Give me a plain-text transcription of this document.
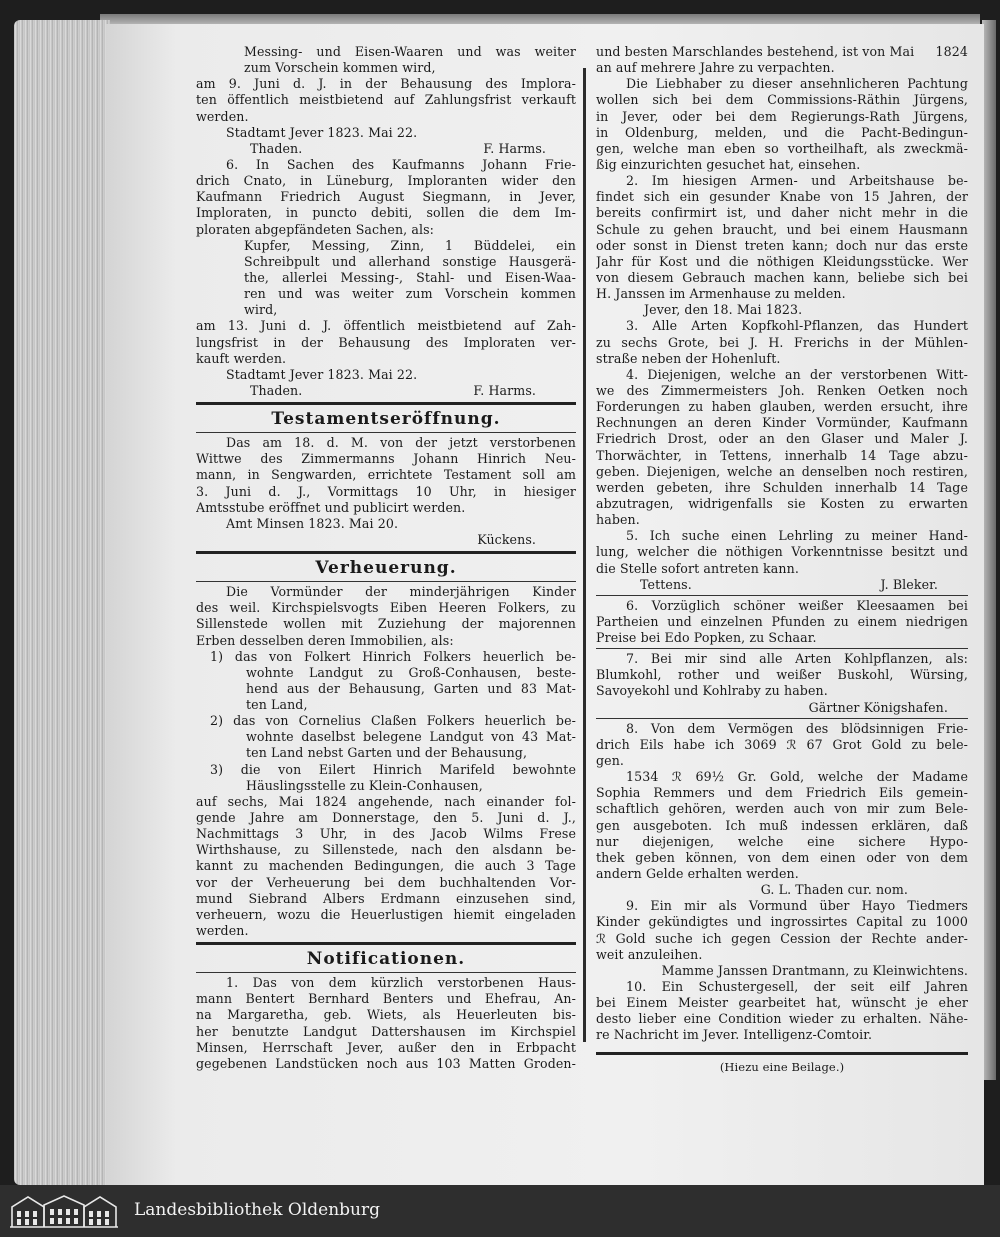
Messing- und Eisen-Waaren und was weiter
zum Vorschein kommen wird,
am 9. Juni d. J. in der Behausung des Implora-
ten öffentlich meistbietend auf Zahlungsfrist verkauft
werden.
Stadtamt Jever 1823. Mai 22.
Thaden.	F. Harms.
6. In Sachen des Kaufmanns Johann Frie-
drich Cnato, in Lüneburg, Imploranten wider den
Kaufmann Friedrich August Siegmann, in Jever,
Imploraten, in puncto debiti, sollen die dem Im-
ploraten abgepfändeten Sachen, als:
Kupfer, Messing, Zinn, 1 Büddelei, ein
Schreibpult und allerhand sonstige Hausgerä-
the, allerlei Messing-, Stahl- und Eisen-Waa-
ren und was weiter zum Vorschein kommen
wird,
am 13. Juni d. J. öffentlich meistbietend auf Zah-
lungsfrist in der Behausung des Imploraten ver-
kauft werden.
Stadtamt Jever 1823. Mai 22.
Thaden.	F. Harms.
Testamentseröffnung.
Das am 18. d. M. von der jetzt verstorbenen
Wittwe des Zimmermanns Johann Hinrich Neu-
mann, in Sengwarden, errichtete Testament soll am
3. Juni d. J., Vormittags 10 Uhr, in hiesiger
Amtsstube eröffnet und publicirt werden.
Amt Minsen 1823. Mai 20.
Kückens.
Verheuerung.
Die Vormünder der minderjährigen Kinder
des weil. Kirchspielsvogts Eiben Heeren Folkers, zu
Sillenstede wollen mit Zuziehung der majorennen
Erben desselben deren Immobilien, als:
1) das von Folkert Hinrich Folkers heuerlich be-
wohnte Landgut zu Groß-Conhausen, beste-
hend aus der Behausung, Garten und 83 Mat-
ten Land,
2) das von Cornelius Claßen Folkers heuerlich be-
wohnte daselbst belegene Landgut von 43 Mat-
ten Land nebst Garten und der Behausung,
3) die von Eilert Hinrich Marifeld bewohnte
Häuslingsstelle zu Klein-Conhausen,
auf sechs, Mai 1824 angehende, nach einander fol-
gende Jahre am Donnerstage, den 5. Juni d. J.,
Nachmittags 3 Uhr, in des Jacob Wilms Frese
Wirthshause, zu Sillenstede, nach den alsdann be-
kannt zu machenden Bedingungen, die auch 3 Tage
vor der Verheuerung bei dem buchhaltenden Vor-
mund Siebrand Albers Erdmann einzusehen sind,
verheuern, wozu die Heuerlustigen hiemit eingeladen
werden.
Notificationen.
1. Das von dem kürzlich verstorbenen Haus-
mann Bentert Bernhard Benters und Ehefrau, An-
na Margaretha, geb. Wiets, als Heuerleuten bis-
her benutzte Landgut Dattershausen im Kirchspiel
Minsen, Herrschaft Jever, außer den in Erbpacht
gegebenen Landstücken noch aus 103 Matten Groden-
und besten Marschlandes bestehend, ist von Mai 1824
an auf mehrere Jahre zu verpachten.
Die Liebhaber zu dieser ansehnlicheren Pachtung
wollen sich bei dem Commissions-Räthin Jürgens,
in Jever, oder bei dem Regierungs-Rath Jürgens,
in Oldenburg, melden, und die Pacht-Bedingun-
gen, welche man eben so vortheilhaft, als zweckmä-
ßig einzurichten gesuchet hat, einsehen.
2. Im hiesigen Armen- und Arbeitshause be-
findet sich ein gesunder Knabe von 15 Jahren, der
bereits confirmirt ist, und daher nicht mehr in die
Schule zu gehen braucht, und bei einem Hausmann
oder sonst in Dienst treten kann; doch nur das erste
Jahr für Kost und die nöthigen Kleidungsstücke. Wer
von diesem Gebrauch machen kann, beliebe sich bei
H. Janssen im Armenhause zu melden.
Jever, den 18. Mai 1823.
3. Alle Arten Kopfkohl-Pflanzen, das Hundert
zu sechs Grote, bei J. H. Frerichs in der Mühlen-
straße neben der Hohenluft.
4. Diejenigen, welche an der verstorbenen Witt-
we des Zimmermeisters Joh. Renken Oetken noch
Forderungen zu haben glauben, werden ersucht, ihre
Rechnungen an deren Kinder Vormünder, Kaufmann
Friedrich Drost, oder an den Glaser und Maler J.
Thorwächter, in Tettens, innerhalb 14 Tage abzu-
geben. Diejenigen, welche an denselben noch restiren,
werden gebeten, ihre Schulden innerhalb 14 Tage
abzutragen, widrigenfalls sie Kosten zu erwarten
haben.
5. Ich suche einen Lehrling zu meiner Hand-
lung, welcher die nöthigen Vorkenntnisse besitzt und
die Stelle sofort antreten kann.
Tettens.	J. Bleker.
6. Vorzüglich schöner weißer Kleesaamen bei
Partheien und einzelnen Pfunden zu einem niedrigen
Preise bei Edo Popken, zu Schaar.
7. Bei mir sind alle Arten Kohlpflanzen, als:
Blumkohl, rother und weißer Buskohl, Würsing,
Savoyekohl und Kohlraby zu haben.
Gärtner Königshafen.
8. Von dem Vermögen des blödsinnigen Frie-
drich Eils habe ich 3069 ℛ 67 Grot Gold zu bele-
gen.
1534 ℛ 69½ Gr. Gold, welche der Madame
Sophia Remmers und dem Friedrich Eils gemein-
schaftlich gehören, werden auch von mir zum Bele-
gen ausgeboten. Ich muß indessen erklären, daß
nur diejenigen, welche eine sichere Hypo-
thek geben können, von dem einen oder von dem
andern Gelde erhalten werden.
G. L. Thaden cur. nom.
9. Ein mir als Vormund über Hayo Tiedmers
Kinder gekündigtes und ingrossirtes Capital zu 1000
ℛ Gold suche ich gegen Cession der Rechte ander-
weit anzuleihen.
Mamme Janssen Drantmann, zu Kleinwichtens.
10. Ein Schustergesell, der seit eilf Jahren
bei Einem Meister gearbeitet hat, wünscht je eher
desto lieber eine Condition wieder zu erhalten. Nähe-
re Nachricht im Jever. Intelligenz-Comtoir.
(Hiezu eine Beilage.)
Landesbibliothek Oldenburg
